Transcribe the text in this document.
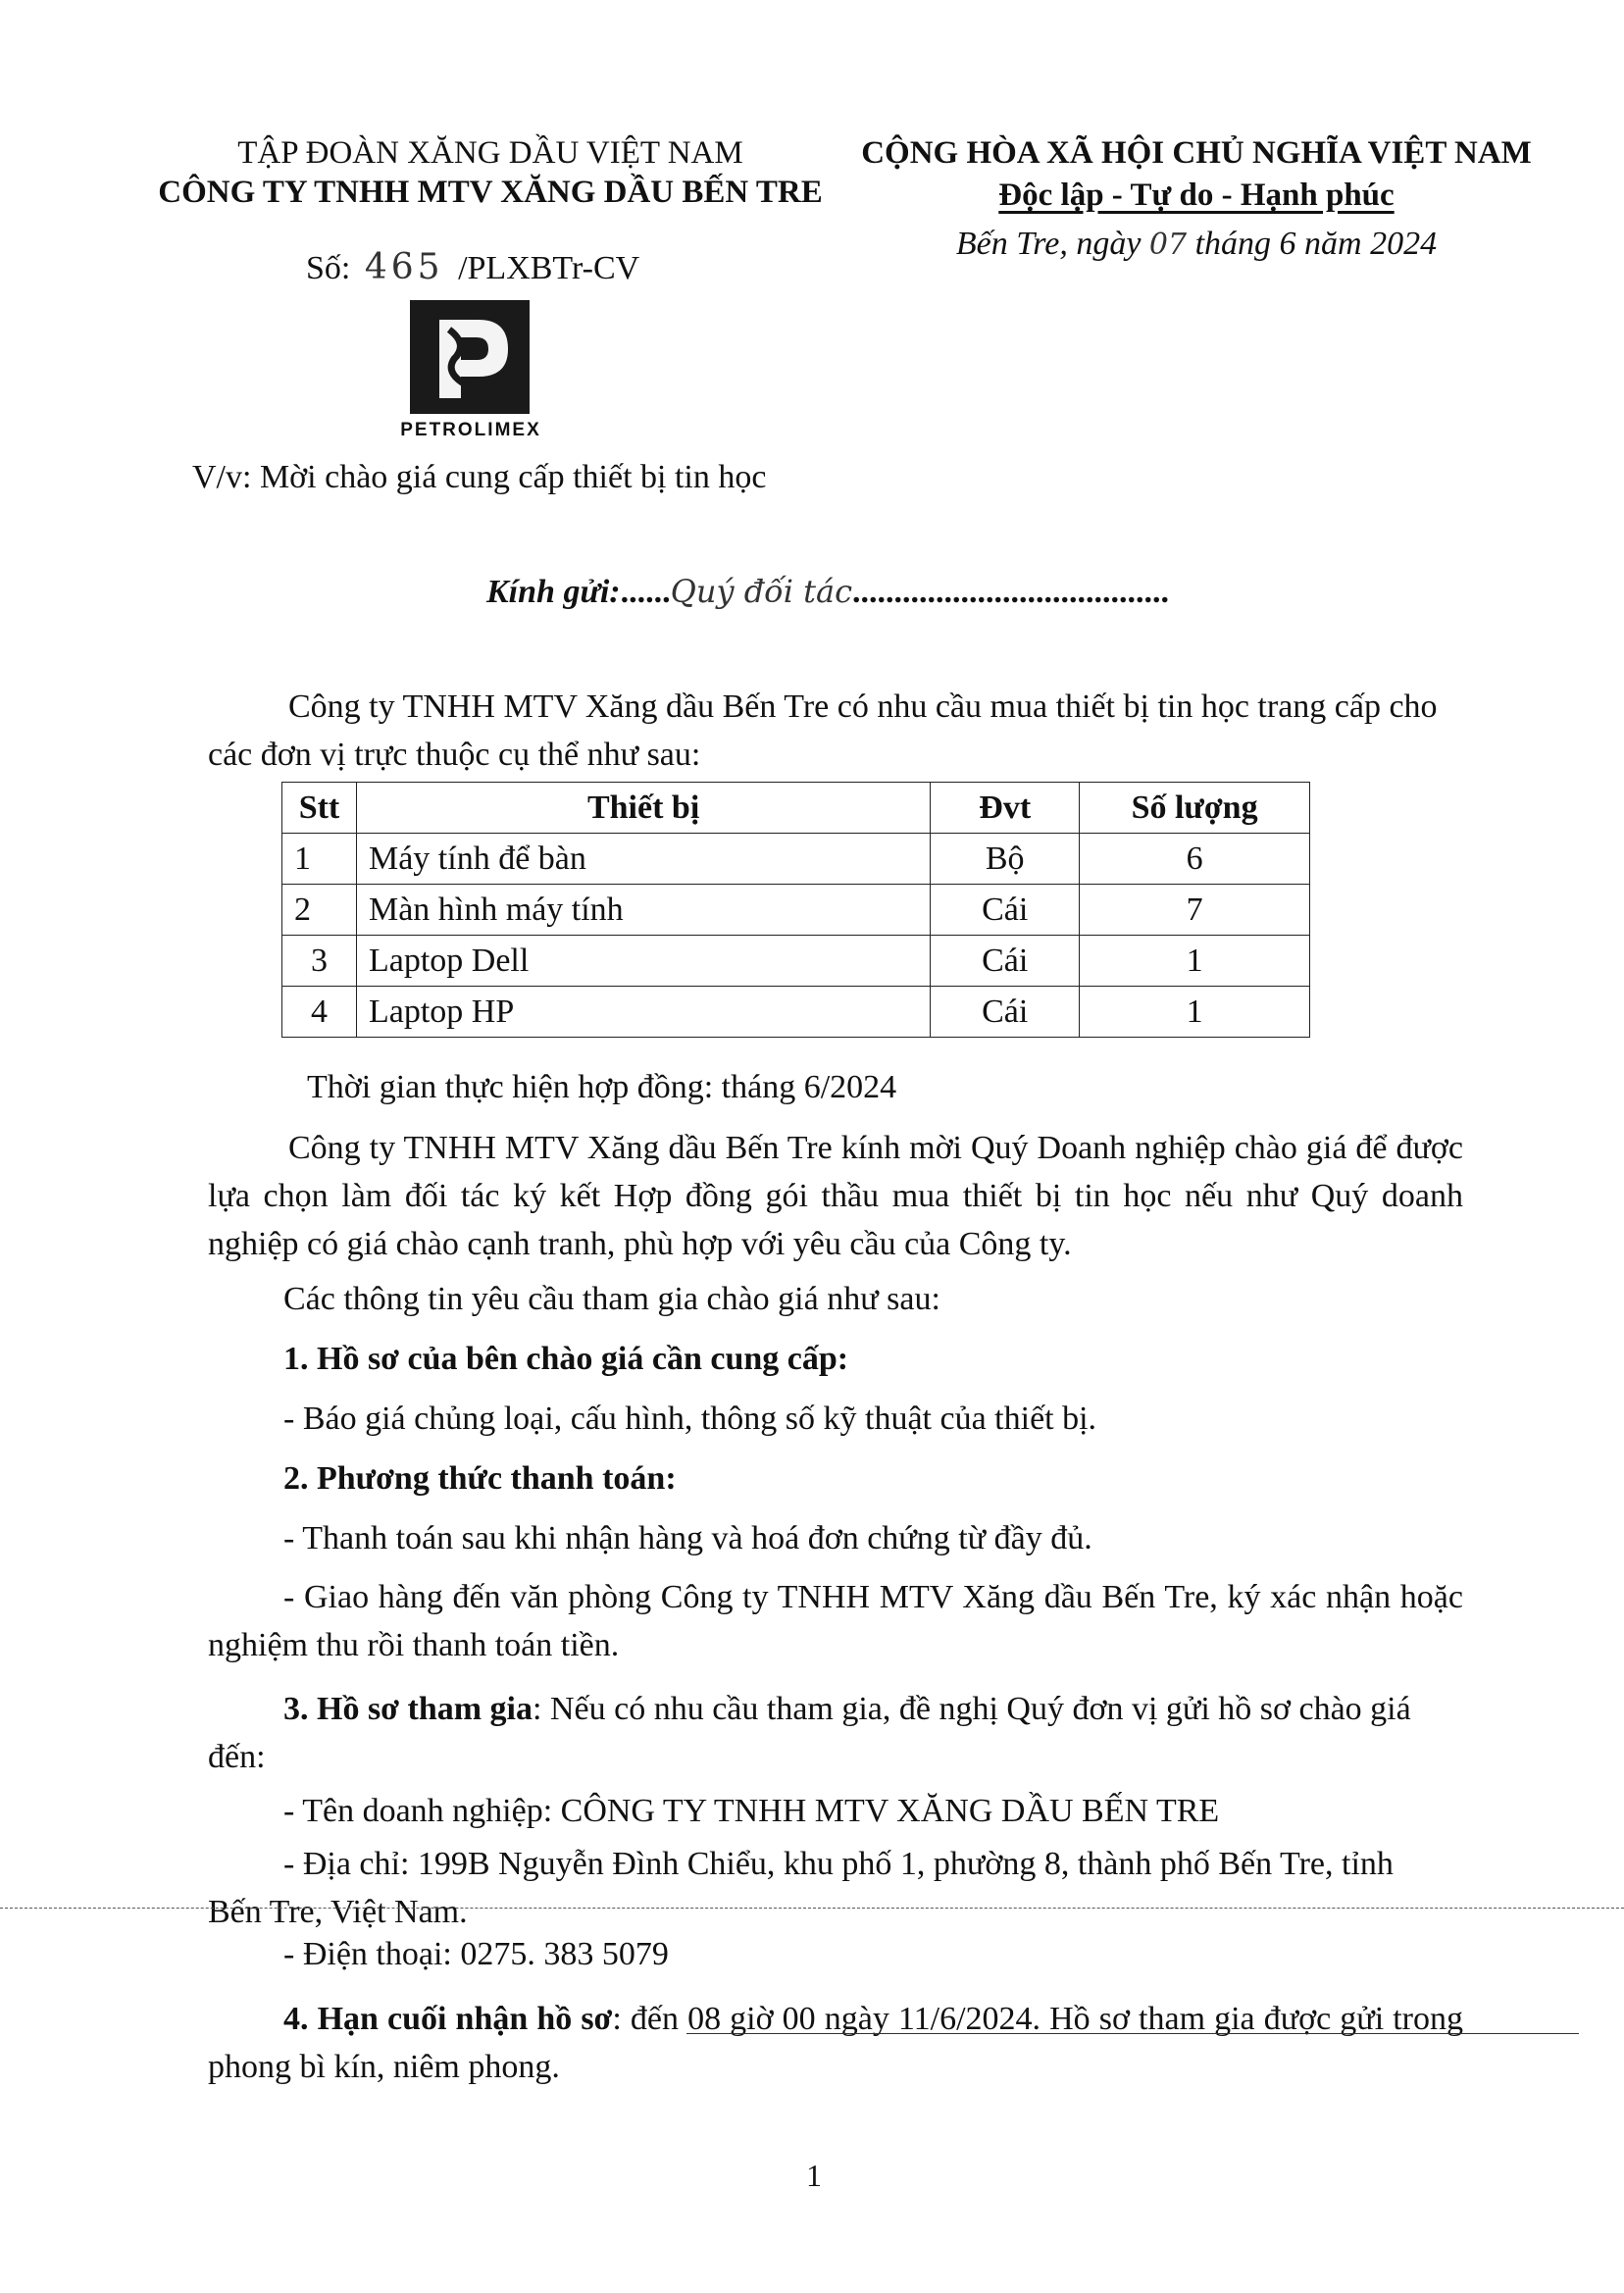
TẬP ĐOÀN XĂNG DẦU VIỆT NAM
CÔNG TY TNHH MTV XĂNG DẦU BẾN TRE
Số: 465 /PLXBTr-CV
PETROLIMEX
V/v: Mời chào giá cung cấp thiết bị tin học
CỘNG HÒA XÃ HỘI CHỦ NGHĨA VIỆT NAM
Độc lập - Tự do - Hạnh phúc
Bến Tre, ngày 07 tháng 6 năm 2024
Kính gửi:......Quý đối tác......................................
Công ty TNHH MTV Xăng dầu Bến Tre có nhu cầu mua thiết bị tin học trang cấp cho các đơn vị trực thuộc cụ thể như sau:
Stt	Thiết bị	Đvt	Số lượng
1	Máy tính để bàn	Bộ	6
2	Màn hình máy tính	Cái	7
3	Laptop Dell	Cái	1
4	Laptop HP	Cái	1
Thời gian thực hiện hợp đồng: tháng 6/2024
Công ty TNHH MTV Xăng dầu Bến Tre kính mời Quý Doanh nghiệp chào giá để được lựa chọn làm đối tác ký kết Hợp đồng gói thầu mua thiết bị tin học nếu như Quý doanh nghiệp có giá chào cạnh tranh, phù hợp với yêu cầu của Công ty.
Các thông tin yêu cầu tham gia chào giá như sau:
1. Hồ sơ của bên chào giá cần cung cấp:
- Báo giá chủng loại, cấu hình, thông số kỹ thuật của thiết bị.
2. Phương thức thanh toán:
- Thanh toán sau khi nhận hàng và hoá đơn chứng từ đầy đủ.
- Giao hàng đến văn phòng Công ty TNHH MTV Xăng dầu Bến Tre, ký xác nhận hoặc nghiệm thu rồi thanh toán tiền.
3. Hồ sơ tham gia: Nếu có nhu cầu tham gia, đề nghị Quý đơn vị gửi hồ sơ chào giá đến:
- Tên doanh nghiệp: CÔNG TY TNHH MTV XĂNG DẦU BẾN TRE
- Địa chỉ: 199B Nguyễn Đình Chiểu, khu phố 1, phường 8, thành phố Bến Tre, tỉnh Bến Tre, Việt Nam.
- Điện thoại: 0275. 383 5079
4. Hạn cuối nhận hồ sơ: đến 08 giờ 00 ngày 11/6/2024. Hồ sơ tham gia được gửi trong phong bì kín, niêm phong.
1
